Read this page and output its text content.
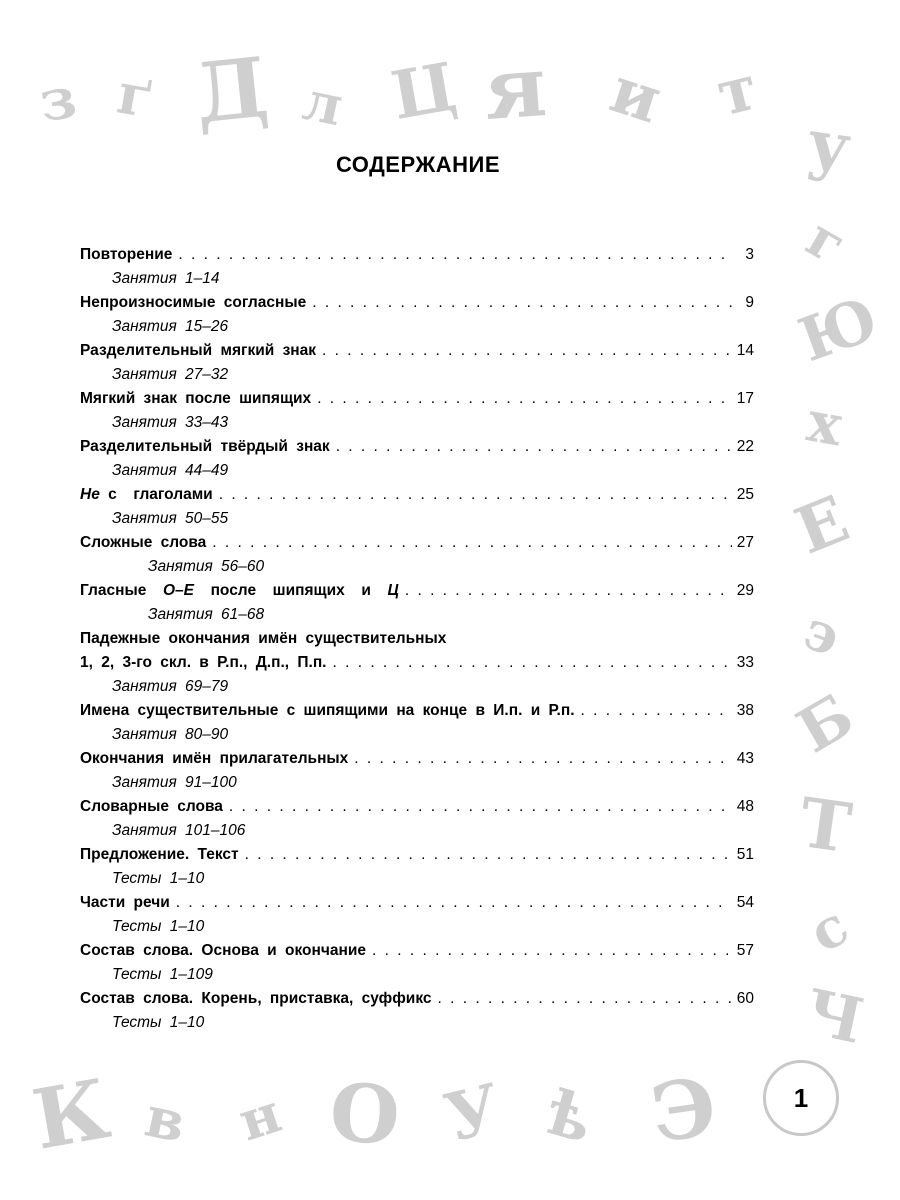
з ґ Д л Ц я и т
у
г
Ю
х
Е
э
Б
Т
с
Ч
К в н О У ѣ Э
СОДЕРЖАНИЕ
Повторение . . .	3
Занятия 1–14
Непроизносимые согласные . . .	9
Занятия 15–26
Разделительный мягкий знак . . .	14
Занятия 27–32
Мягкий знак после шипящих . . .	17
Занятия 33–43
Разделительный твёрдый знак . . .	22
Занятия 44–49
Не с  глаголами . . .	25
Занятия 50–55
Сложные слова . . .	27
Занятия 56–60
Гласные  О–Е  после  шипящих  и  Ц . . .	29
Занятия 61–68
Падежные окончания имён существительных
1, 2, 3-го скл. в Р.п., Д.п., П.п. . . .	33
Занятия 69–79
Имена существительные с шипящими на конце в И.п. и Р.п. . . .	38
Занятия 80–90
Окончания имён прилагательных . . .	43
Занятия 91–100
Словарные слова . . .	48
Занятия 101–106
Предложение. Текст . . .	51
Тесты 1–10
Части речи . . .	54
Тесты 1–10
Состав слова. Основа и окончание . . .	57
Тесты 1–109
Состав слова. Корень, приставка, суффикс . . .	60
Тесты 1–10
1
